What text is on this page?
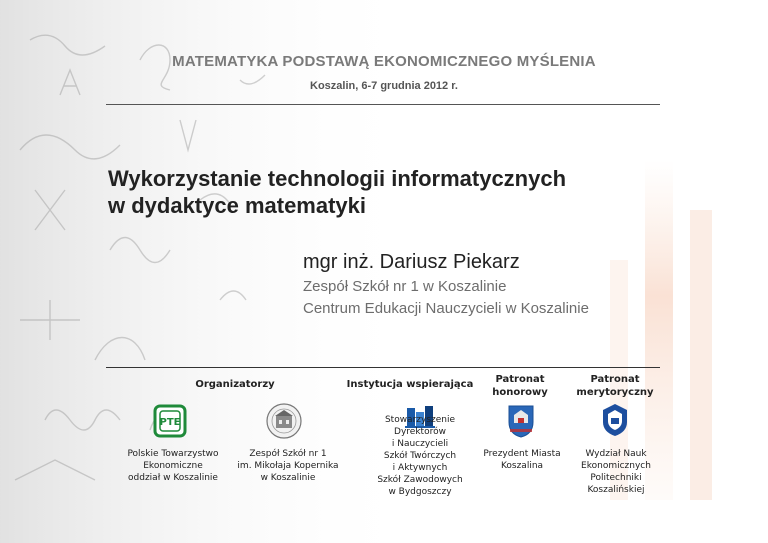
MATEMATYKA PODSTAWĄ EKONOMICZNEGO MYŚLENIA
Koszalin, 6-7 grudnia 2012 r.
Wykorzystanie technologii informatycznych
w dydaktyce matematyki
mgr inż. Dariusz Piekarz
Zespół Szkół nr 1 w Koszalinie
Centrum Edukacji Nauczycieli w Koszalinie
Organizatorzy	Instytucja wspierająca	Patronat
honorowy
Patronat
merytoryczny
PTE
Polskie Towarzystwo
Ekonomiczne
oddział w Koszalinie
Zespół Szkół nr 1
im. Mikołaja Kopernika
w Koszalinie
Stowarzyszenie
Dyrektorów
i Nauczycieli
Szkół Twórczych
i Aktywnych
Szkół Zawodowych
w Bydgoszczy
Prezydent Miasta
Koszalina
Wydział Nauk
Ekonomicznych
Politechniki
Koszalińskiej
